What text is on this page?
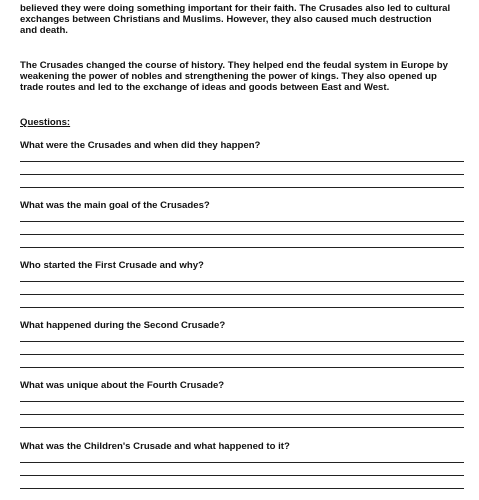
believed they were doing something important for their faith. The Crusades also led to cultural
exchanges between Christians and Muslims. However, they also caused much destruction
and death.

The Crusades changed the course of history. They helped end the feudal system in Europe by
weakening the power of nobles and strengthening the power of kings. They also opened up
trade routes and led to the exchange of ideas and goods between East and West.

Questions:

What were the Crusades and when did they happen?

What was the main goal of the Crusades?

Who started the First Crusade and why?

What happened during the Second Crusade?

What was unique about the Fourth Crusade?

What was the Children's Crusade and what happened to it?
